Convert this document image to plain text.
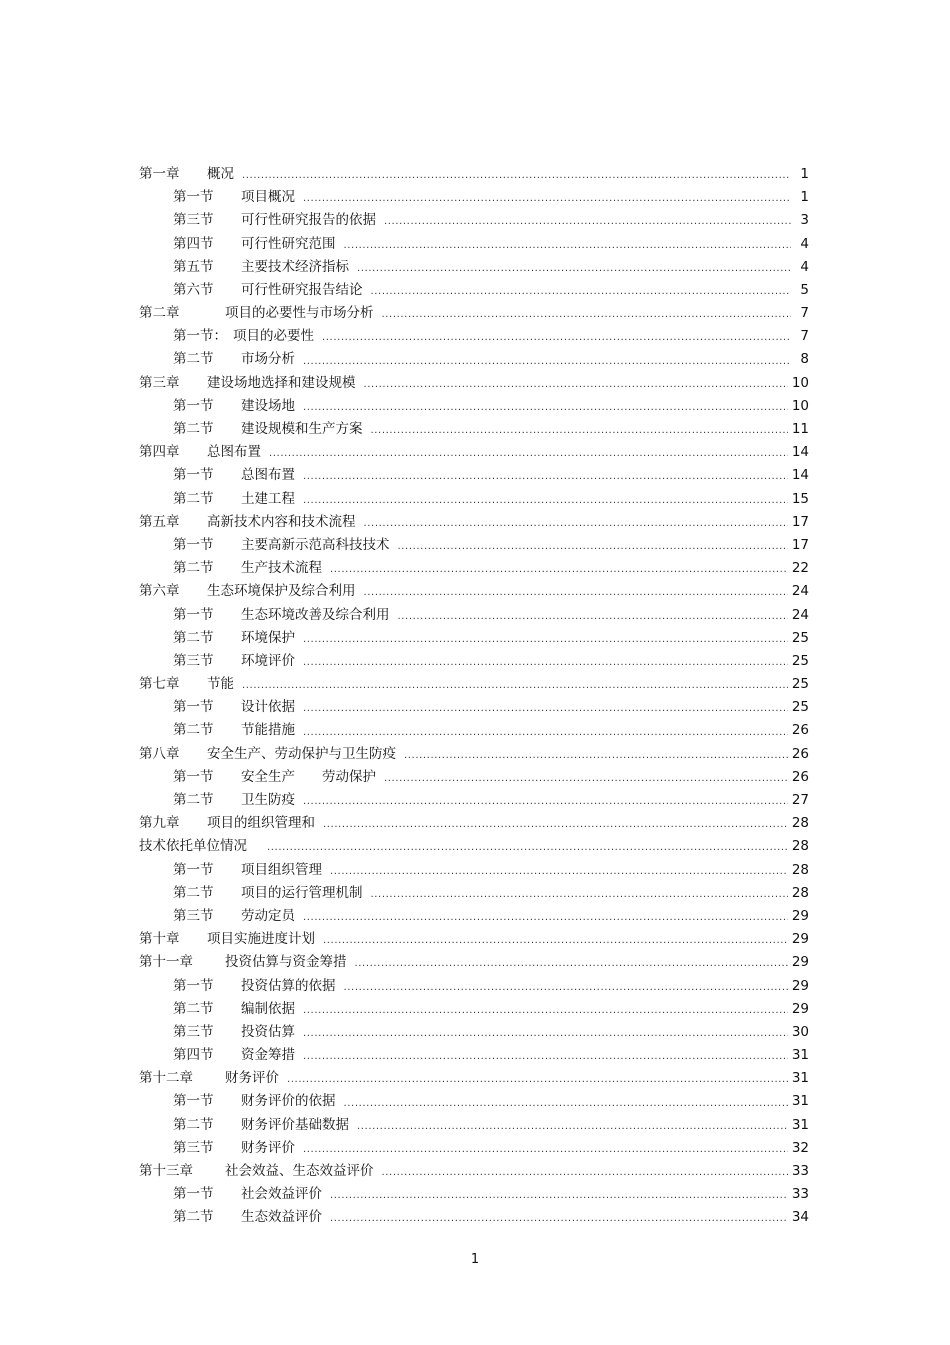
第一章	概况 .....	1
第一节	项目概况 .....	1
第三节	可行性研究报告的依据 .....	3
第四节	可行性研究范围 .....	4
第五节	主要技术经济指标 .....	4
第六节	可行性研究报告结论 .....	5
第二章	项目的必要性与市场分析 .....	7
第一节： 项目的必要性 .....	7
第二节	市场分析 .....	8
第三章	建设场地选择和建设规模 .....	10
第一节	建设场地 .....	10
第二节	建设规模和生产方案 .....	11
第四章	总图布置 .....	14
第一节	总图布置 .....	14
第二节	土建工程 .....	15
第五章	高新技术内容和技术流程 .....	17
第一节	主要高新示范高科技技术 .....	17
第二节	生产技术流程 .....	22
第六章	生态环境保护及综合利用 .....	24
第一节	生态环境改善及综合利用 .....	24
第二节	环境保护 .....	25
第三节	环境评价 .....	25
第七章	节能 .....	25
第一节	设计依据 .....	25
第二节	节能措施 .....	26
第八章	安全生产、劳动保护与卫生防疫 .....	26
第一节	安全生产　　劳动保护 .....	26
第二节	卫生防疫 .....	27
第九章	项目的组织管理和 .....	28
技术依托单位情况 .....	28
第一节	项目组织管理 .....	28
第二节	项目的运行管理机制 .....	28
第三节	劳动定员 .....	29
第十章	项目实施进度计划 .....	29
第十一章	投资估算与资金筹措 .....	29
第一节	投资估算的依据 .....	29
第二节	编制依据 .....	29
第三节	投资估算 .....	30
第四节	资金筹措 .....	31
第十二章	财务评价 .....	31
第一节	财务评价的依据 .....	31
第二节	财务评价基础数据 .....	31
第三节	财务评价 .....	32
第十三章	社会效益、生态效益评价 .....	33
第一节	社会效益评价 .....	33
第二节	生态效益评价 .....	34
1
